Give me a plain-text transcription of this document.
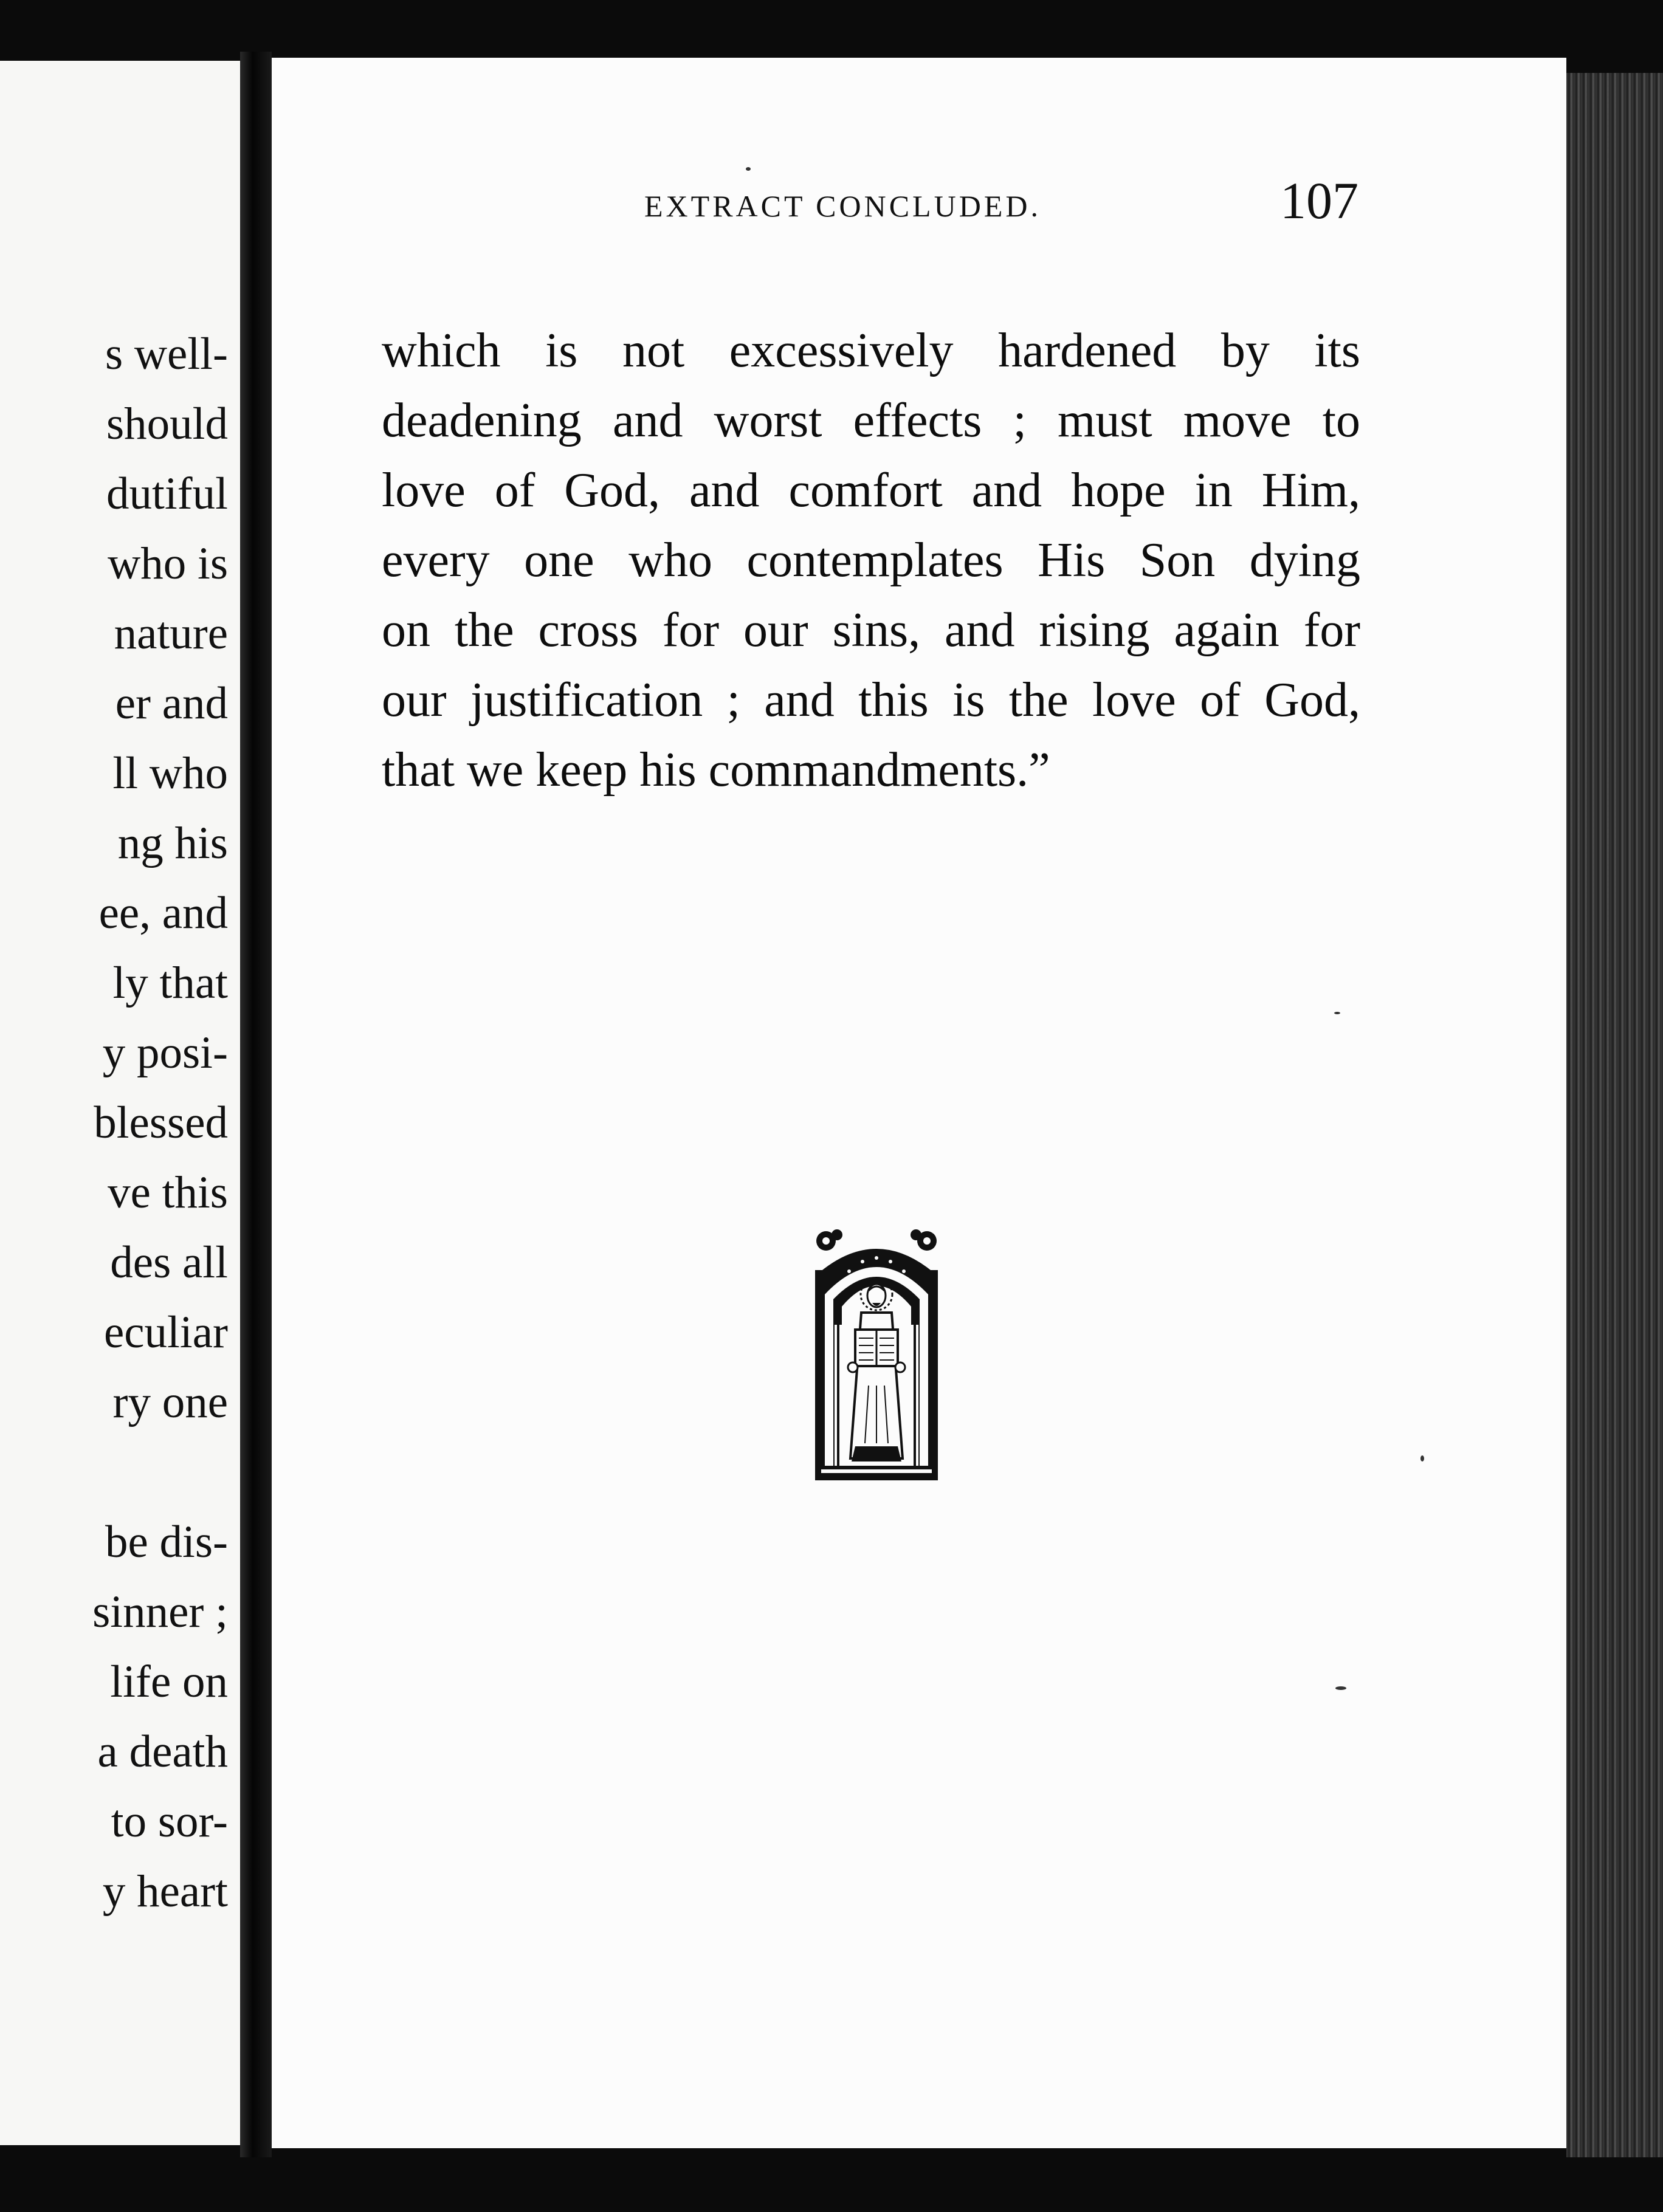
s well-
should
dutiful
who is
nature
er and
ll who
ng his
ee, and
ly that
y posi-
blessed
ve this
des all
eculiar
ry one
be dis-
sinner ;
life on
a death
to sor-
y heart
EXTRACT CONCLUDED.	107
which is not excessively hardened by its
deadening and worst effects ; must move to
love of God, and comfort and hope in Him,
every one who contemplates His Son dying
on the cross for our sins, and rising again for
our justification ; and this is the love of God,
that we keep his commandments.”
